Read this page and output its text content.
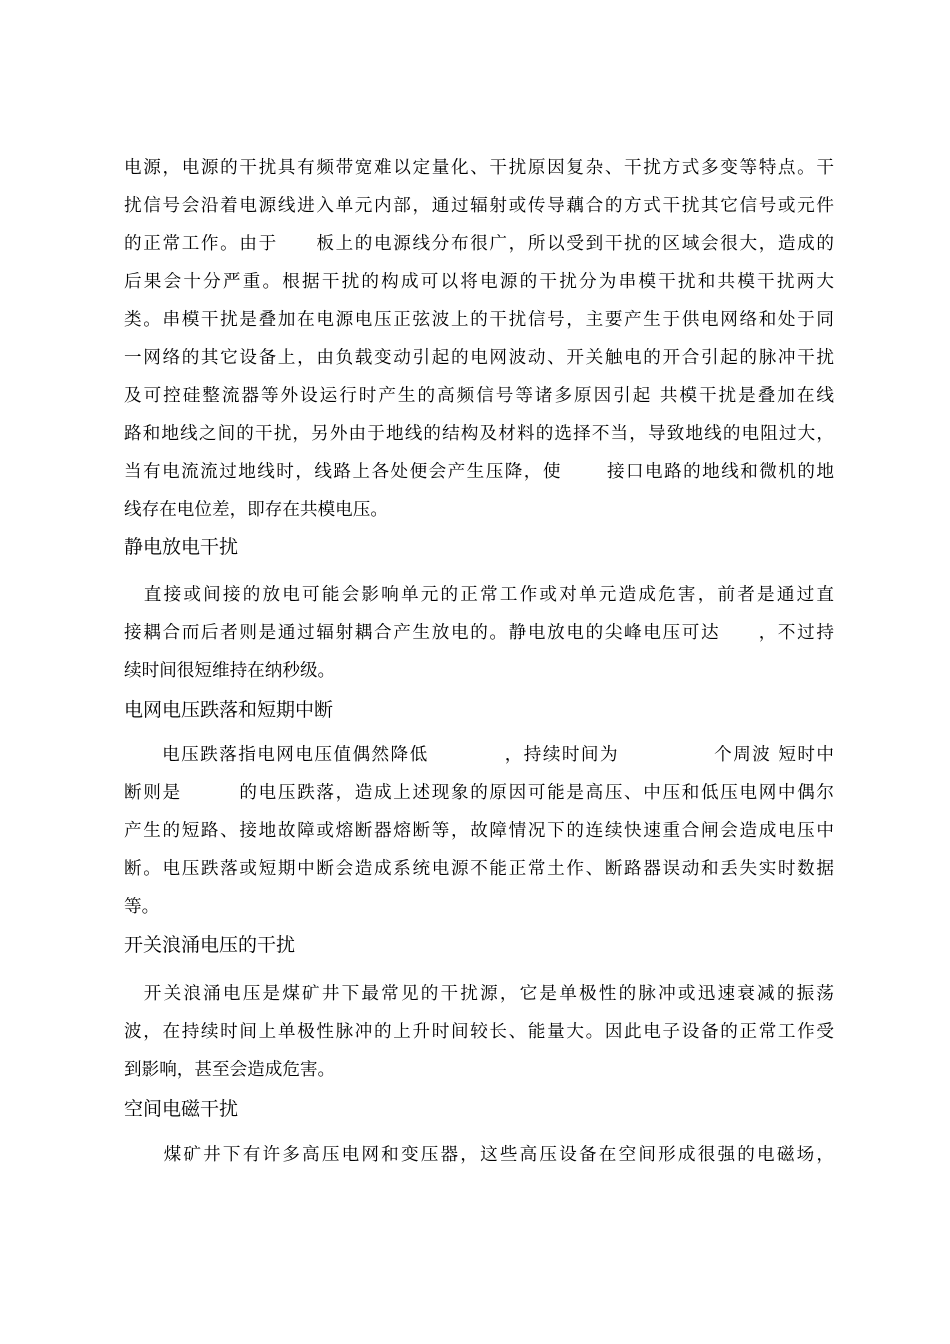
电源，电源的干扰具有频带宽难以定量化、干扰原因复杂、干扰方式多变等特点。干
扰信号会沿着电源线进入单元内部，通过辐射或传导藕合的方式干扰其它信号或元件
的正常工作。由于　　板上的电源线分布很广，所以受到干扰的区域会很大，造成的
后果会十分严重。根据干扰的构成可以将电源的干扰分为串模干扰和共模干扰两大
类。串模干扰是叠加在电源电压正弦波上的干扰信号，主要产生于供电网络和处于同
一网络的其它设备上，由负载变动引起的电网波动、开关触电的开合引起的脉冲干扰
及可控硅整流器等外设运行时产生的高频信号等诸多原因引起 共模干扰是叠加在线
路和地线之间的干扰，另外由于地线的结构及材料的选择不当，导致地线的电阻过大，
当有电流流过地线时，线路上各处便会产生压降，使　　 接口电路的地线和微机的地
线存在电位差，即存在共模电压。
静电放电干扰
　直接或间接的放电可能会影响单元的正常工作或对单元造成危害，前者是通过直
接耦合而后者则是通过辐射耦合产生放电的。静电放电的尖峰电压可达　　，不过持
续时间很短维持在纳秒级。
电网电压跌落和短期中断
　　电压跌落指电网电压值偶然降低　　　　，持续时间为　　　　　个周波 短时中
断则是　　　的电压跌落，造成上述现象的原因可能是高压、中压和低压电网中偶尔
产生的短路、接地故障或熔断器熔断等，故障情况下的连续快速重合闸会造成电压中
断。电压跌落或短期中断会造成系统电源不能正常土作、断路器误动和丢失实时数据
等。
开关浪涌电压的干扰
　开关浪涌电压是煤矿井下最常见的干扰源，它是单极性的脉冲或迅速衰减的振荡
波，在持续时间上单极性脉冲的上升时间较长、能量大。因此电子设备的正常工作受
到影响，甚至会造成危害。
空间电磁干扰
　　煤矿井下有许多高压电网和变压器，这些高压设备在空间形成很强的电磁场，
